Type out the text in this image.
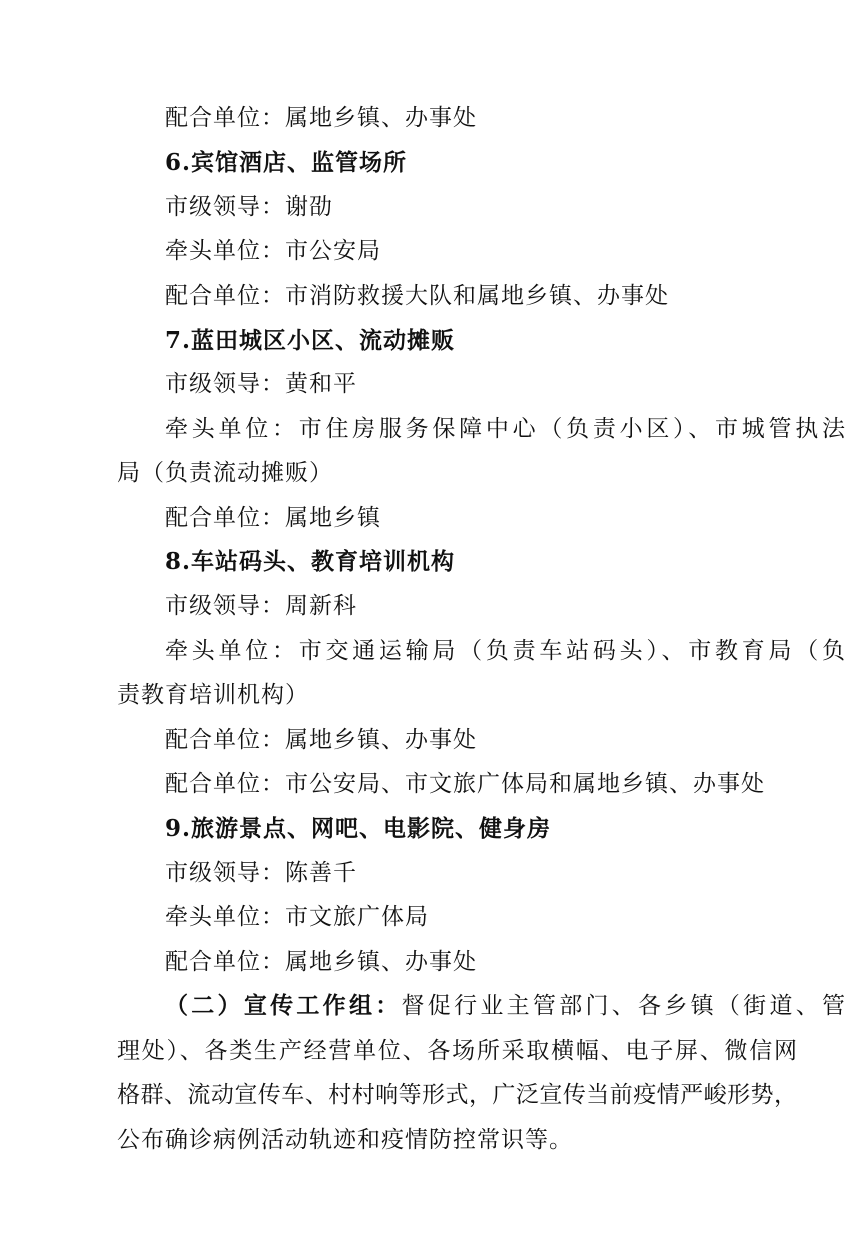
配合单位：属地乡镇、办事处
6.宾馆酒店、监管场所
市级领导：谢劭
牵头单位：市公安局
配合单位：市消防救援大队和属地乡镇、办事处
7.蓝田城区小区、流动摊贩
市级领导：黄和平
牵头单位：市住房服务保障中心（负责小区）、市城管执法
局（负责流动摊贩）
配合单位：属地乡镇
8.车站码头、教育培训机构
市级领导：周新科
牵头单位：市交通运输局（负责车站码头）、市教育局（负
责教育培训机构）
配合单位：属地乡镇、办事处
配合单位：市公安局、市文旅广体局和属地乡镇、办事处
9.旅游景点、网吧、电影院、健身房
市级领导：陈善千
牵头单位：市文旅广体局
配合单位：属地乡镇、办事处
（二）宣传工作组：督促行业主管部门、各乡镇（街道、管
理处）、各类生产经营单位、各场所采取横幅、电子屏、微信网
格群、流动宣传车、村村响等形式，广泛宣传当前疫情严峻形势，
公布确诊病例活动轨迹和疫情防控常识等。
